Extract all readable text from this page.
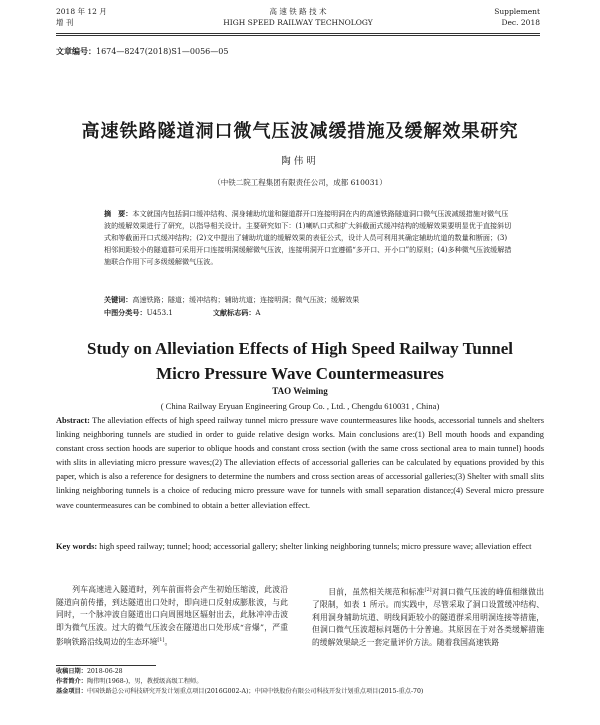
2018 年 12 月
增 刊
高 速 铁 路 技 术
HIGH SPEED RAILWAY TECHNOLOGY
Supplement
Dec. 2018
文章编号：1674—8247(2018)S1—0056—05
高速铁路隧道洞口微气压波减缓措施及缓解效果研究
陶伟明
（中铁二院工程集团有限责任公司，成都 610031）
摘　要：本文就国内包括洞口缓冲结构、洞身辅助坑道和隧道群开口连接明洞在内的高速铁路隧道洞口微气压波减缓措施对微气压波的缓解效果进行了研究，以指导相关设计。主要研究如下：(1)喇叭口式和扩大斜截面式缓冲结构的缓解效果要明显优于直接斜切式和等截面开口式缓冲结构；(2)文中提出了辅助坑道的缓解效果的表征公式，设计人员可利用其确定辅助坑道的数量和断面；(3)相邻间距较小的隧道群可采用开口连接明洞缓解微气压波，连接明洞开口宜遵循“多开口、开小口”的原则；(4)多种微气压波缓解措施联合作用下可多级缓解微气压波。
关键词：高速铁路；隧道；缓冲结构；辅助坑道；连接明洞；微气压波；缓解效果
中图分类号：U453.1	文献标志码：A
Study on Alleviation Effects of High Speed Railway Tunnel
Micro Pressure Wave Countermeasures
TAO Weiming
( China Railway Eryuan Engineering Group Co. , Ltd. , Chengdu 610031 , China)
Abstract: The alleviation effects of high speed railway tunnel micro pressure wave countermeasures like hoods, accessorial tunnels and shelters linking neighboring tunnels are studied in order to guide relative design works. Main conclusions are:(1) Bell mouth hoods and expanding constant cross section hoods are superior to oblique hoods and constant cross section (with the same cross sectional area to main tunnel) hoods with slits in alleviating micro pressure waves;(2) The alleviation effects of accessorial galleries can be calculated by equations provided by this paper, which is also a reference for designers to determine the numbers and cross section areas of accessorial galleries;(3) Shelter with small slits linking neighboring tunnels is a choice of reducing micro pressure wave for tunnels with small separation distance;(4) Several micro pressure wave countermeasures can be combined to obtain a better alleviation effect.
Key words: high speed railway; tunnel; hood; accessorial gallery; shelter linking neighboring tunnels; micro pressure wave; alleviation effect
列车高速进入隧道时，列车前面将会产生初始压缩波，此波沿隧道向前传播，到达隧道出口处时，即向进口反射成膨胀波，与此同时，一个脉冲波自隧道出口向周围地区辐射出去，此脉冲冲击波即为微气压波。过大的微气压波会在隧道出口处形成“音爆”，严重影响铁路沿线周边的生态环境[1]。
目前，虽然相关规范和标准[2]对洞口微气压波的峰值相继做出了限制，如表 1 所示。而实践中，尽管采取了洞口设置缓冲结构、利用洞身辅助坑道、明线间距较小的隧道群采用明洞连接等措施，但洞口微气压波超标问题仍十分普遍。其原因在于对各类缓解措施的缓解效果缺乏一套定量评价方法。随着我国高速铁路
收稿日期：2018-06-28
作者简介：陶伟明(1968-)，男，教授级高级工程师。
基金项目：中国铁路总公司科技研究开发计划重点项目(2016G002-A)；中国中铁股份有限公司科技开发计划重点项目(2015-重点-70)
